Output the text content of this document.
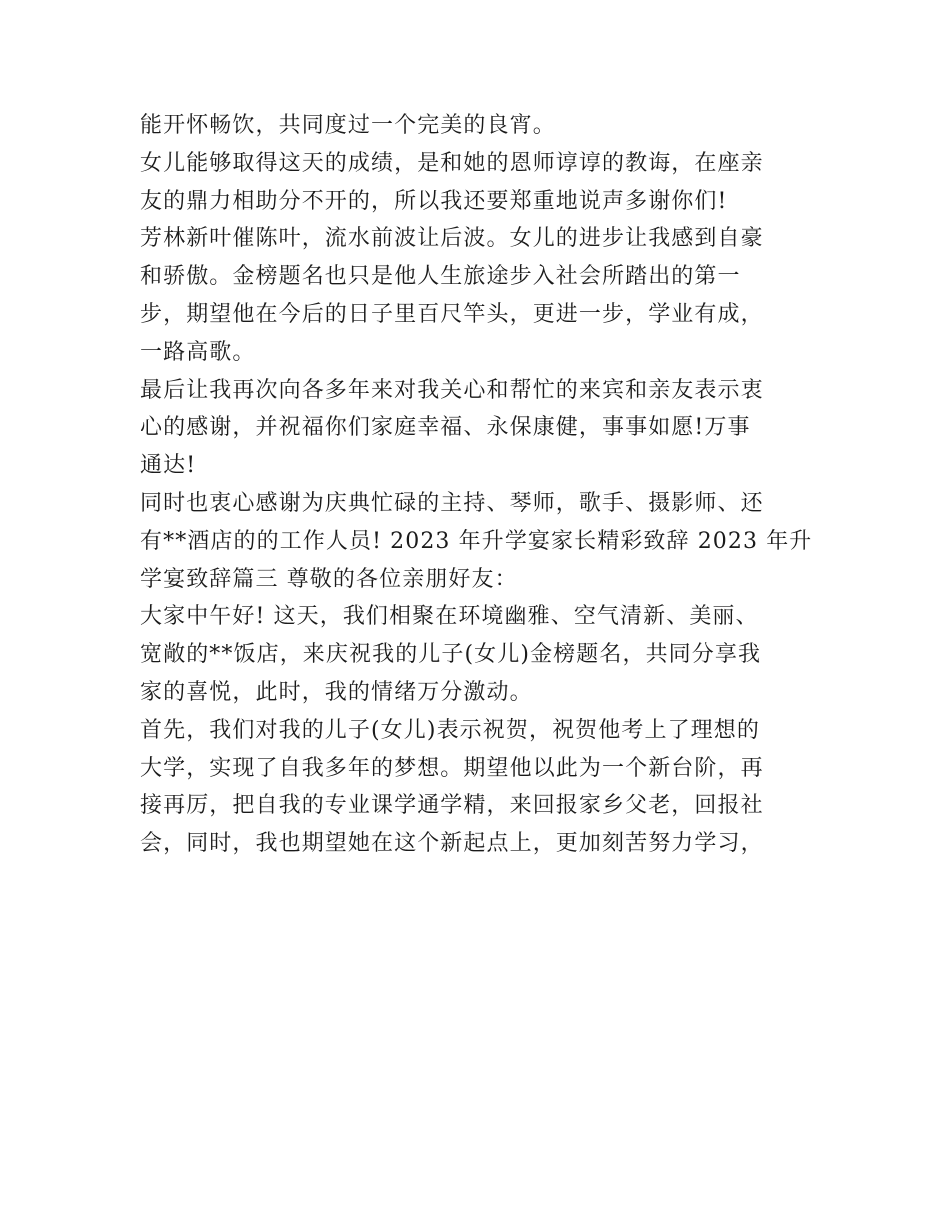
能开怀畅饮，共同度过一个完美的良宵。
女儿能够取得这天的成绩，是和她的恩师谆谆的教诲，在座亲
友的鼎力相助分不开的，所以我还要郑重地说声多谢你们!
芳林新叶催陈叶，流水前波让后波。女儿的进步让我感到自豪
和骄傲。金榜题名也只是他人生旅途步入社会所踏出的第一
步，期望他在今后的日子里百尺竿头，更进一步，学业有成，
一路高歌。
最后让我再次向各多年来对我关心和帮忙的来宾和亲友表示衷
心的感谢，并祝福你们家庭幸福、永保康健，事事如愿!万事
通达!
同时也衷心感谢为庆典忙碌的主持、琴师，歌手、摄影师、还
有**酒店的的工作人员! 2023 年升学宴家长精彩致辞 2023 年升
学宴致辞篇三 尊敬的各位亲朋好友：
大家中午好! 这天，我们相聚在环境幽雅、空气清新、美丽、
宽敞的**饭店，来庆祝我的儿子(女儿)金榜题名，共同分享我
家的喜悦，此时，我的情绪万分激动。
首先，我们对我的儿子(女儿)表示祝贺，祝贺他考上了理想的
大学，实现了自我多年的梦想。期望他以此为一个新台阶，再
接再厉，把自我的专业课学通学精，来回报家乡父老，回报社
会，同时，我也期望她在这个新起点上，更加刻苦努力学习，
